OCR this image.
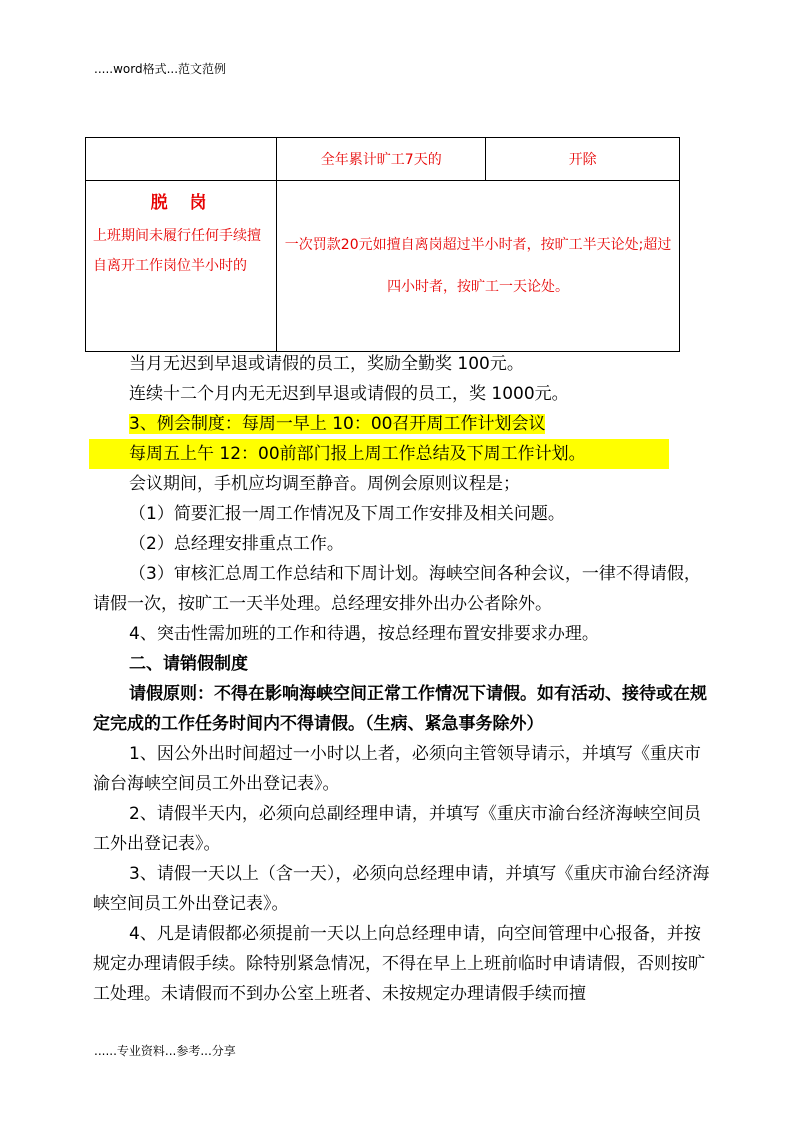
.....word格式...范文范例
	全年累计旷工7天的	开除

脱 岗
上班期间未履行任何手续擅自离开工作岗位半小时的	一次罚款20元如擅自离岗超过半小时者，按旷工半天论处;超过四小时者，按旷工一天论处。	

当月无迟到早退或请假的员工，奖励全勤奖 100元。

连续十二个月内无无迟到早退或请假的员工，奖 1000元。

3、例会制度：每周一早上 10：00召开周工作计划会议

每周五上午 12：00前部门报上周工作总结及下周工作计划。

会议期间，手机应均调至静音。周例会原则议程是；

（1）简要汇报一周工作情况及下周工作安排及相关问题。

（2）总经理安排重点工作。

（3）审核汇总周工作总结和下周计划。海峡空间各种会议，一律不得请假，请假一次，按旷工一天半处理。总经理安排外出办公者除外。

4、突击性需加班的工作和待遇，按总经理布置安排要求办理。

二、请销假制度

请假原则：不得在影响海峡空间正常工作情况下请假。如有活动、接待或在规定完成的工作任务时间内不得请假。（生病、紧急事务除外）

1、因公外出时间超过一小时以上者，必须向主管领导请示，并填写《重庆市渝台海峡空间员工外出登记表》。

2、请假半天内，必须向总副经理申请，并填写《重庆市渝台经济海峡空间员工外出登记表》。

3、请假一天以上（含一天），必须向总经理申请，并填写《重庆市渝台经济海峡空间员工外出登记表》。

4、凡是请假都必须提前一天以上向总经理申请，向空间管理中心报备，并按规定办理请假手续。除特别紧急情况，不得在早上上班前临时申请请假，否则按旷工处理。未请假而不到办公室上班者、未按规定办理请假手续而擅

......专业资料...参考...分享
